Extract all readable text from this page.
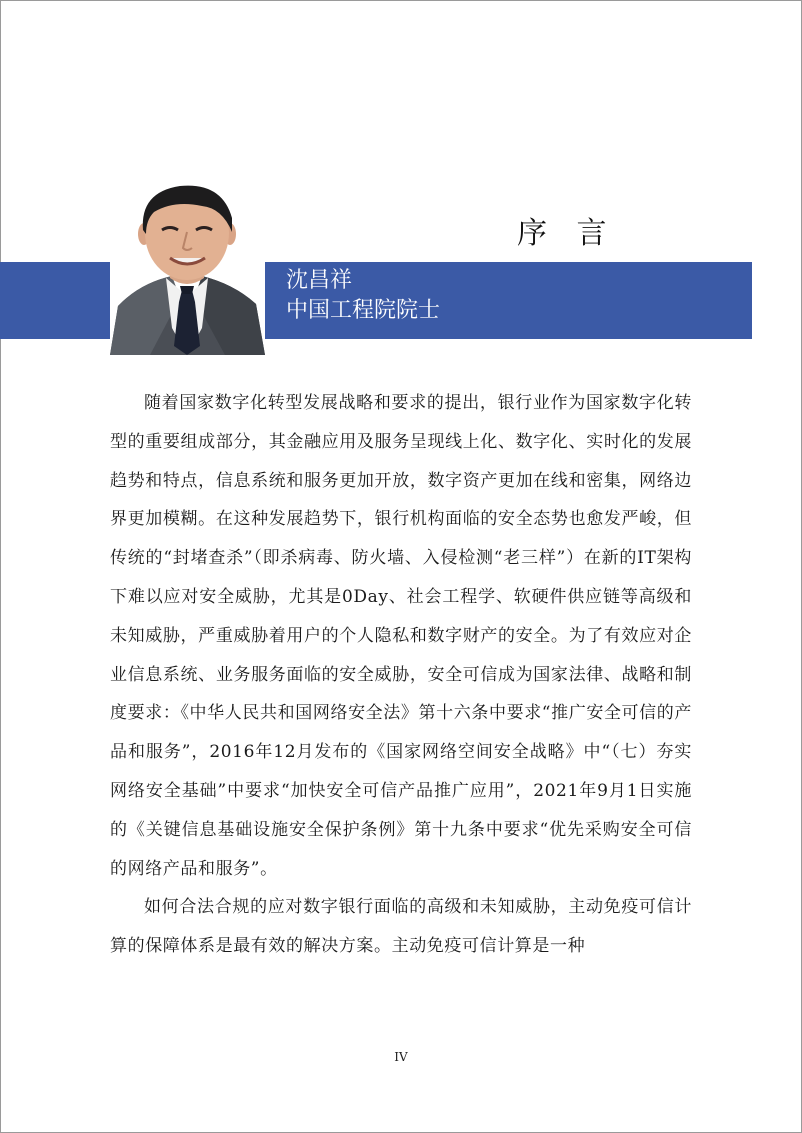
序 言
沈昌祥
中国工程院院士

随着国家数字化转型发展战略和要求的提出，银行业作为国家数字化转型的重要组成部分，其金融应用及服务呈现线上化、数字化、实时化的发展趋势和特点，信息系统和服务更加开放，数字资产更加在线和密集，网络边界更加模糊。在这种发展趋势下，银行机构面临的安全态势也愈发严峻，但传统的“封堵查杀”（即杀病毒、防火墙、入侵检测“老三样”）在新的IT架构下难以应对安全威胁，尤其是0Day、社会工程学、软硬件供应链等高级和未知威胁，严重威胁着用户的个人隐私和数字财产的安全。为了有效应对企业信息系统、业务服务面临的安全威胁，安全可信成为国家法律、战略和制度要求：《中华人民共和国网络安全法》第十六条中要求“推广安全可信的产品和服务”，2016年12月发布的《国家网络空间安全战略》中“（七）夯实网络安全基础”中要求“加快安全可信产品推广应用”，2021年9月1日实施的《关键信息基础设施安全保护条例》第十九条中要求“优先采购安全可信的网络产品和服务”。

如何合法合规的应对数字银行面临的高级和未知威胁，主动免疫可信计算的保障体系是最有效的解决方案。主动免疫可信计算是一种

IV
